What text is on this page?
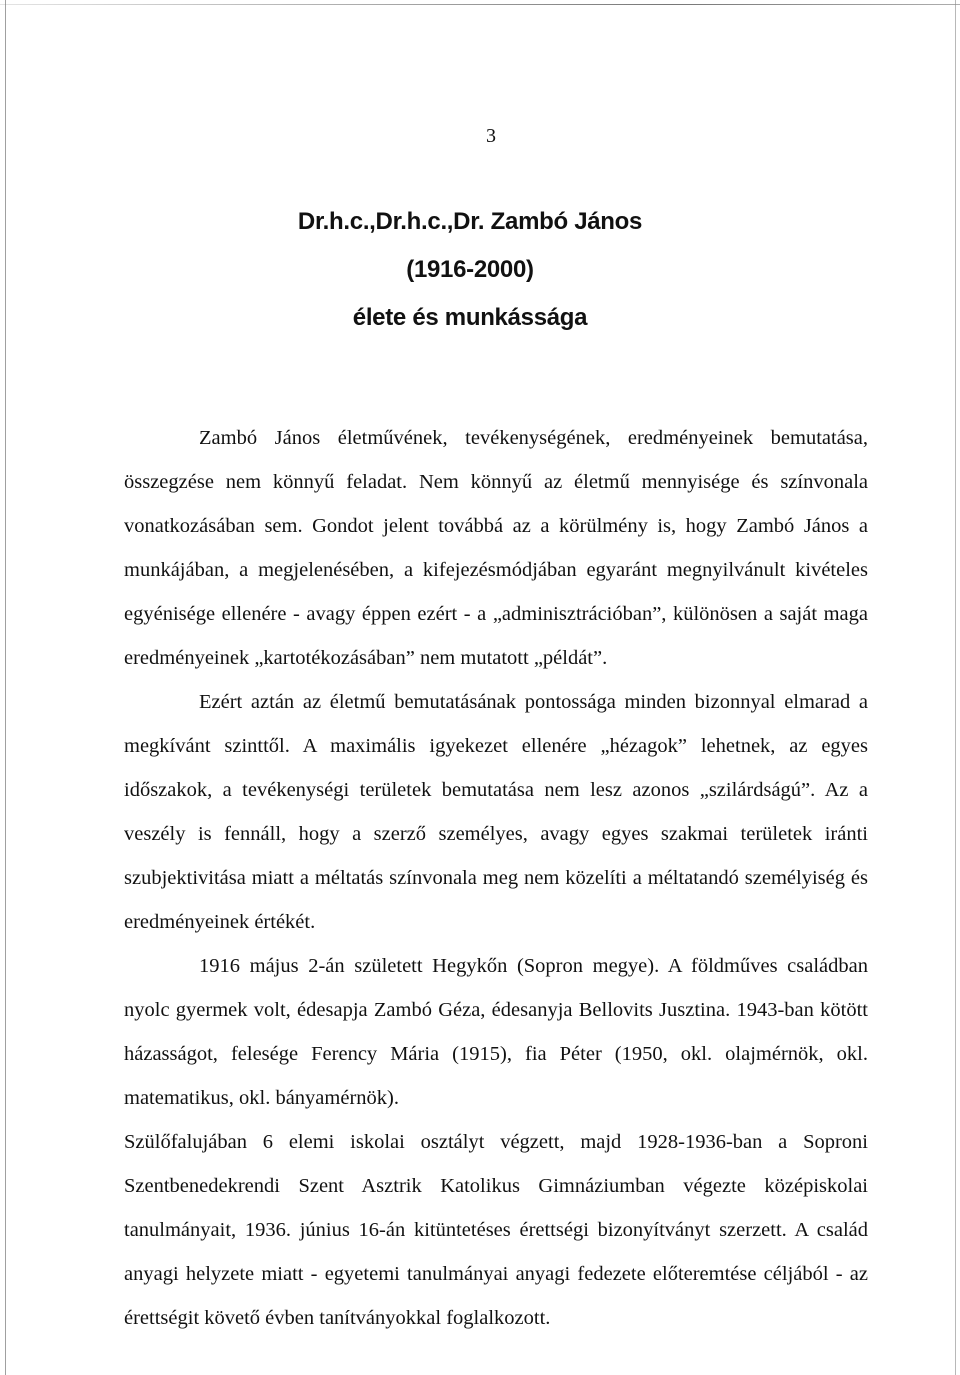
3
Dr.h.c.,Dr.h.c.,Dr. Zambó János
(1916-2000)
élete és munkássága

Zambó János életművének, tevékenységének, eredményeinek bemutatása, összegzése nem könnyű feladat. Nem könnyű az életmű mennyisége és színvonala vonatkozásában sem. Gondot jelent továbbá az a körülmény is, hogy Zambó János a munkájában, a megjelenésében, a kifejezésmódjában egyaránt megnyilvánult kivételes egyénisége ellenére - avagy éppen ezért - a „adminisztrációban”, különösen a saját maga eredményeinek „kartotékozásában” nem mutatott „példát”.

Ezért aztán az életmű bemutatásának pontossága minden bizonnyal elmarad a megkívánt szinttől. A maximális igyekezet ellenére „hézagok” lehetnek, az egyes időszakok, a tevékenységi területek bemutatása nem lesz azonos „szilárdságú”. Az a veszély is fennáll, hogy a szerző személyes, avagy egyes szakmai területek iránti szubjektivitása miatt a méltatás színvonala meg nem közelíti a méltatandó személyiség és eredményeinek értékét.

1916 május 2-án született Hegykőn (Sopron megye). A földműves családban nyolc gyermek volt, édesapja Zambó Géza, édesanyja Bellovits Jusztina. 1943-ban kötött házasságot, felesége Ferency Mária (1915), fia Péter (1950, okl. olajmérnök, okl. matematikus, okl. bányamérnök).

Szülőfalujában 6 elemi iskolai osztályt végzett, majd 1928-1936-ban a Soproni Szentbenedekrendi Szent Asztrik Katolikus Gimnáziumban végezte középiskolai tanulmányait, 1936. június 16-án kitüntetéses érettségi bizonyítványt szerzett. A család anyagi helyzete miatt - egyetemi tanulmányai anyagi fedezete előteremtése céljából - az érettségit követő évben tanítványokkal foglalkozott.
